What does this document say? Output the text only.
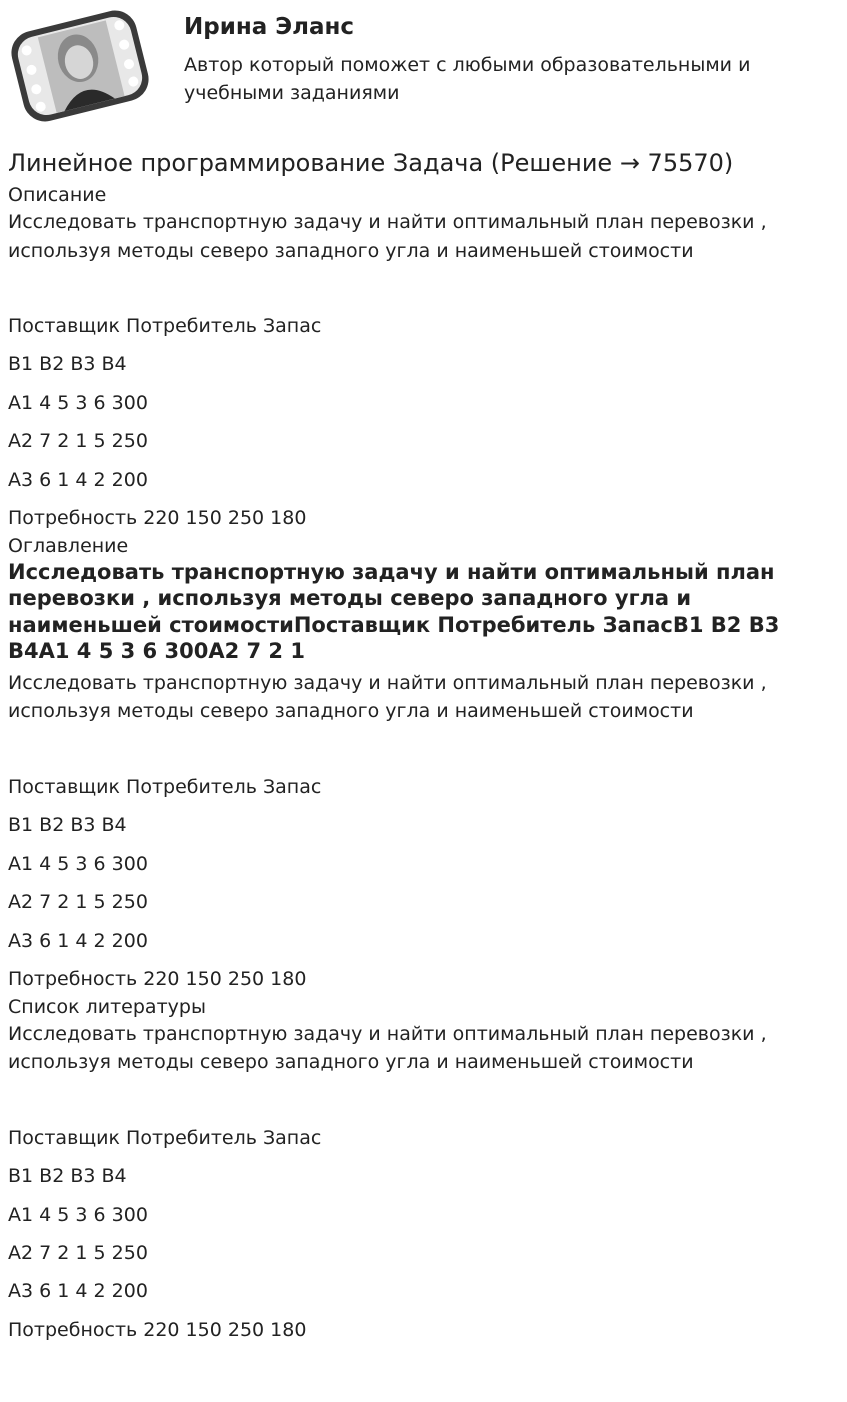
Ирина Эланс
Автор который поможет с любыми образовательными и учебными заданиями
Линейное программирование Задача (Решение → 75570)
Описание

Исследовать транспортную задачу и найти оптимальный план перевозки , используя методы северо западного угла и наименьшей стоимости

Поставщик Потребитель Запас
B1 B2 B3 B4
A1 4 5 3 6 300
A2 7 2 1 5 250
A3 6 1 4 2 200
Потребность 220 150 250 180
Оглавление
Исследовать транспортную задачу и найти оптимальный план перевозки , используя методы северо западного угла и наименьшей стоимостиПоставщик Потребитель ЗапасB1 B2 B3 B4A1 4 5 3 6 300A2 7 2 1

Исследовать транспортную задачу и найти оптимальный план перевозки , используя методы северо западного угла и наименьшей стоимости

Поставщик Потребитель Запас
B1 B2 B3 B4
A1 4 5 3 6 300
A2 7 2 1 5 250
A3 6 1 4 2 200
Потребность 220 150 250 180
Список литературы

Исследовать транспортную задачу и найти оптимальный план перевозки , используя методы северо западного угла и наименьшей стоимости

Поставщик Потребитель Запас
B1 B2 B3 B4
A1 4 5 3 6 300
A2 7 2 1 5 250
A3 6 1 4 2 200
Потребность 220 150 250 180
